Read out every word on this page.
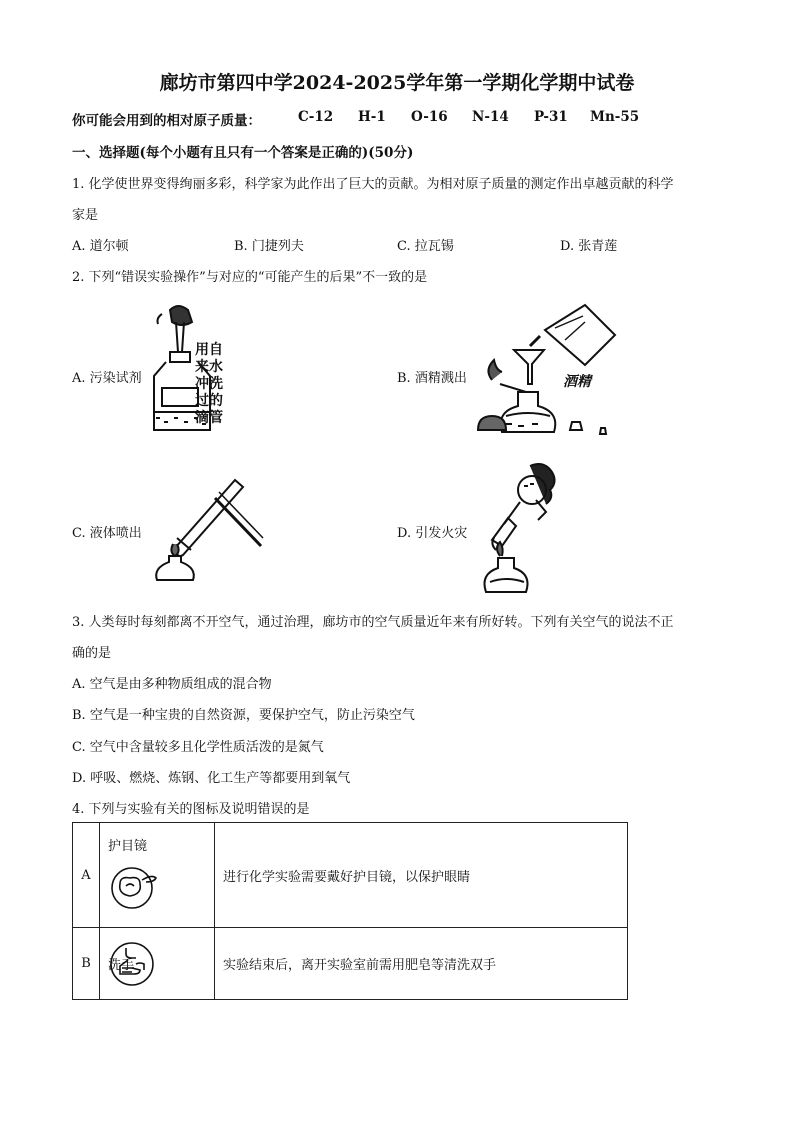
廊坊市第四中学2024-2025学年第一学期化学期中试卷
你可能会用到的相对原子质量：	C-12 H-1 O-16 N-14 P-31 Mn-55
一、选择题(每个小题有且只有一个答案是正确的)(50分)
1. 化学使世界变得绚丽多彩，科学家为此作出了巨大的贡献。为相对原子质量的测定作出卓越贡献的科学
家是
A. 道尔顿	B. 门捷列夫	C. 拉瓦锡	D. 张青莲
2. 下列“错误实验操作”与对应的“可能产生的后果”不一致的是
A. 污染试剂	B. 酒精溅出
C. 液体喷出	D. 引发火灾
用自
来水
冲洗
过的
滴管
酒精
3. 人类每时每刻都离不开空气，通过治理，廊坊市的空气质量近年来有所好转。下列有关空气的说法不正
确的是
A. 空气是由多种物质组成的混合物
B. 空气是一种宝贵的自然资源，要保护空气，防止污染空气
C. 空气中含量较多且化学性质活泼的是氮气
D. 呼吸、燃烧、炼钢、化工生产等都要用到氧气
4. 下列与实验有关的图标及说明错误的是
A	护目镜	进行化学实验需要戴好护目镜，以保护眼睛
B	洗手	实验结束后，离开实验室前需用肥皂等清洗双手
